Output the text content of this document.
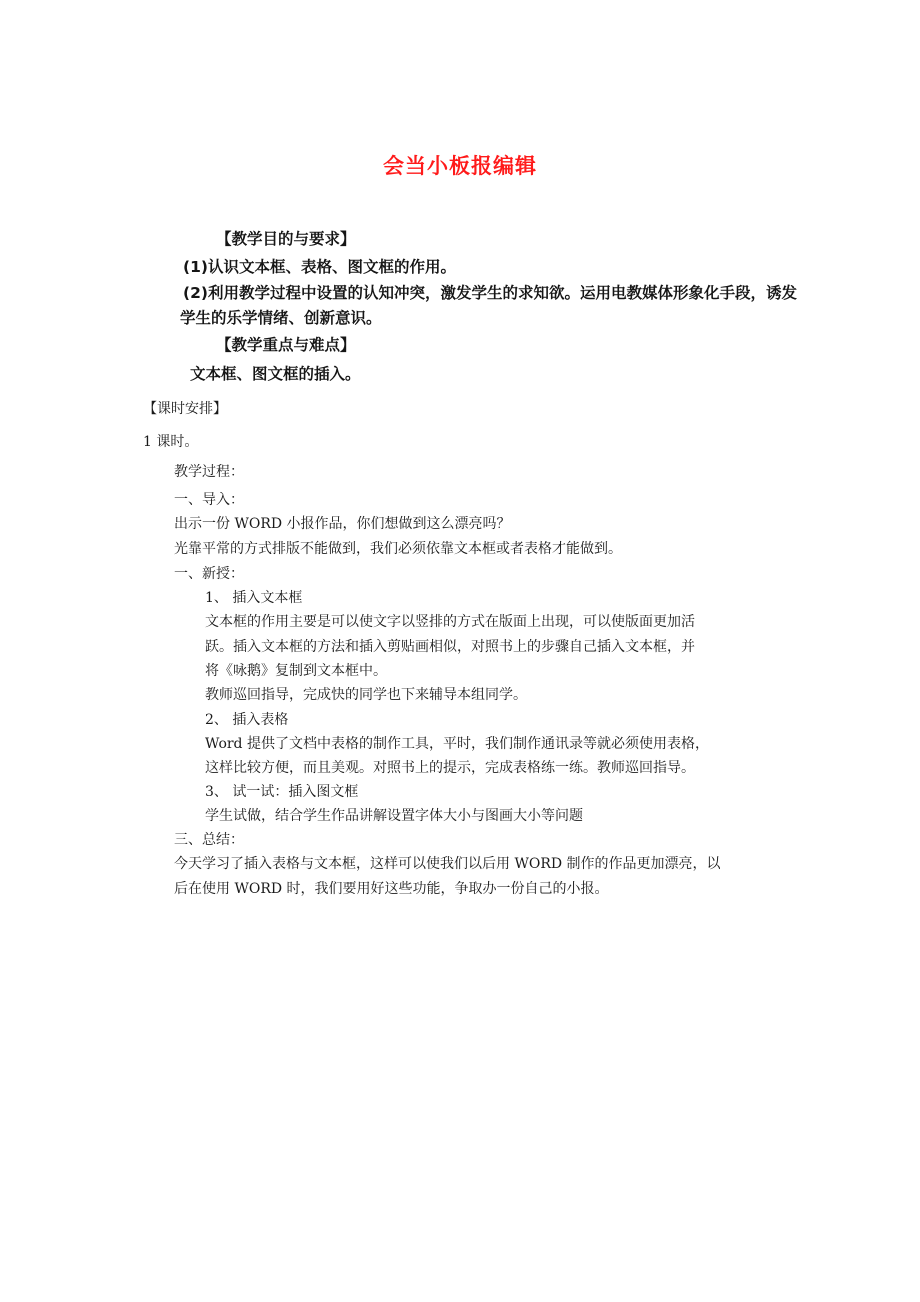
会当小板报编辑
【教学目的与要求】
(1)认识文本框、表格、图文框的作用。
(2)利用教学过程中设置的认知冲突，激发学生的求知欲。运用电教媒体形象化手段，诱发
学生的乐学情绪、创新意识。
【教学重点与难点】
文本框、图文框的插入。
【课时安排】
1 课时。
教学过程：
一、导入：
出示一份 WORD 小报作品，你们想做到这么漂亮吗？
光靠平常的方式排版不能做到，我们必须依靠文本框或者表格才能做到。
一、新授：
1、 插入文本框
文本框的作用主要是可以使文字以竖排的方式在版面上出现，可以使版面更加活
跃。插入文本框的方法和插入剪贴画相似，对照书上的步骤自己插入文本框，并
将《咏鹅》复制到文本框中。
教师巡回指导，完成快的同学也下来辅导本组同学。
2、 插入表格
Word 提供了文档中表格的制作工具，平时，我们制作通讯录等就必须使用表格，
这样比较方便，而且美观。对照书上的提示，完成表格练一练。教师巡回指导。
3、 试一试：插入图文框
学生试做，结合学生作品讲解设置字体大小与图画大小等问题
三、总结：
今天学习了插入表格与文本框，这样可以使我们以后用 WORD 制作的作品更加漂亮，以
后在使用 WORD 时，我们要用好这些功能，争取办一份自己的小报。
